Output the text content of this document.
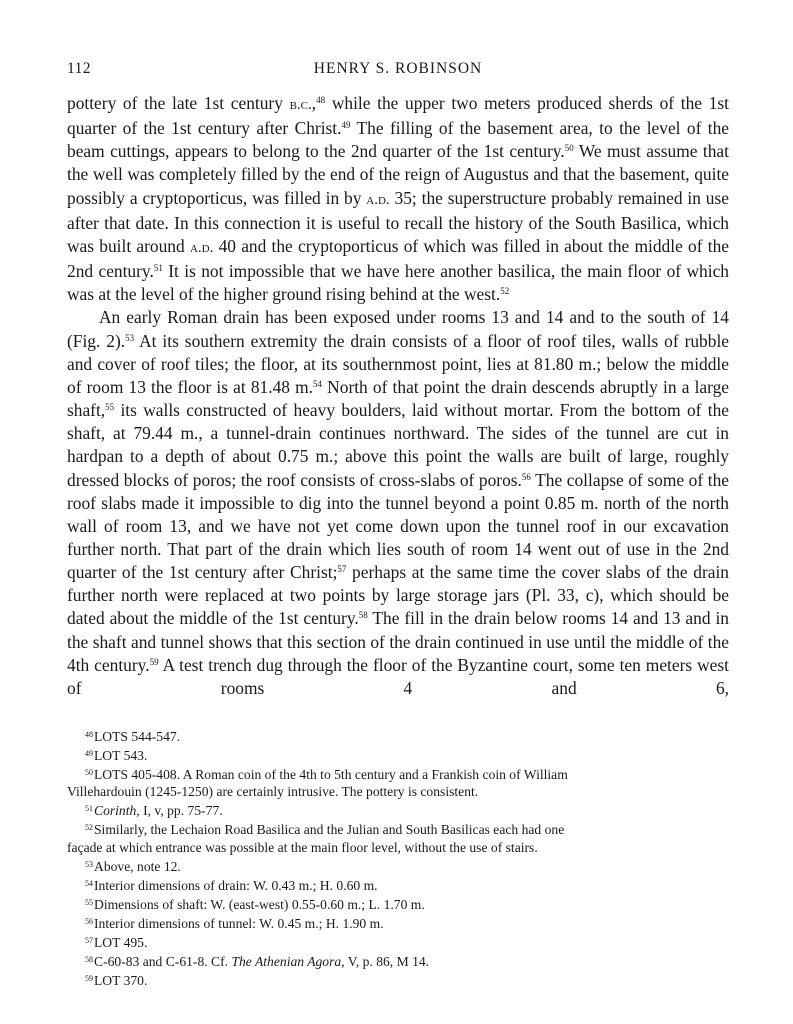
112	HENRY S. ROBINSON

pottery of the late 1st century b.c.,$^{48}$ while the upper two meters produced sherds of the 1st quarter of the 1st century after Christ.$^{49}$ The filling of the basement area, to the level of the beam cuttings, appears to belong to the 2nd quarter of the 1st century.$^{50}$ We must assume that the well was completely filled by the end of the reign of Augustus and that the basement, quite possibly a cryptoporticus, was filled in by a.d. 35; the superstructure probably remained in use after that date. In this connection it is useful to recall the history of the South Basilica, which was built around a.d. 40 and the cryptoporticus of which was filled in about the middle of the 2nd century.$^{51}$ It is not impossible that we have here another basilica, the main floor of which was at the level of the higher ground rising behind at the west.$^{52}$

An early Roman drain has been exposed under rooms 13 and 14 and to the south of 14 (Fig. 2).$^{53}$ At its southern extremity the drain consists of a floor of roof tiles, walls of rubble and cover of roof tiles; the floor, at its southernmost point, lies at 81.80 m.; below the middle of room 13 the floor is at 81.48 m.$^{54}$ North of that point the drain descends abruptly in a large shaft,$^{55}$ its walls constructed of heavy boulders, laid without mortar. From the bottom of the shaft, at 79.44 m., a tunnel-drain continues northward. The sides of the tunnel are cut in hardpan to a depth of about 0.75 m.; above this point the walls are built of large, roughly dressed blocks of poros; the roof consists of cross-slabs of poros.$^{56}$ The collapse of some of the roof slabs made it impossible to dig into the tunnel beyond a point 0.85 m. north of the north wall of room 13, and we have not yet come down upon the tunnel roof in our excavation further north. That part of the drain which lies south of room 14 went out of use in the 2nd quarter of the 1st century after Christ;$^{57}$ perhaps at the same time the cover slabs of the drain further north were replaced at two points by large storage jars (Pl. 33, c), which should be dated about the middle of the 1st century.$^{58}$ The fill in the drain below rooms 14 and 13 and in the shaft and tunnel shows that this section of the drain continued in use until the middle of the 4th century.$^{59}$ A test trench dug through the floor of the Byzantine court, some ten meters west of rooms 4 and 6,

$^{48}$LOTS 544-547.

$^{49}$LOT 543.

$^{50}$LOTS 405-408. A Roman coin of the 4th to 5th century and a Frankish coin of William
Villehardouin (1245-1250) are certainly intrusive. The pottery is consistent.

$^{51}$Corinth, I, v, pp. 75-77.

$^{52}$Similarly, the Lechaion Road Basilica and the Julian and South Basilicas each had one
façade at which entrance was possible at the main floor level, without the use of stairs.

$^{53}$Above, note 12.

$^{54}$Interior dimensions of drain: W. 0.43 m.; H. 0.60 m.

$^{55}$Dimensions of shaft: W. (east-west) 0.55-0.60 m.; L. 1.70 m.

$^{56}$Interior dimensions of tunnel: W. 0.45 m.; H. 1.90 m.

$^{57}$LOT 495.

$^{58}$C-60-83 and C-61-8. Cf. The Athenian Agora, V, p. 86, M 14.

$^{59}$LOT 370.
